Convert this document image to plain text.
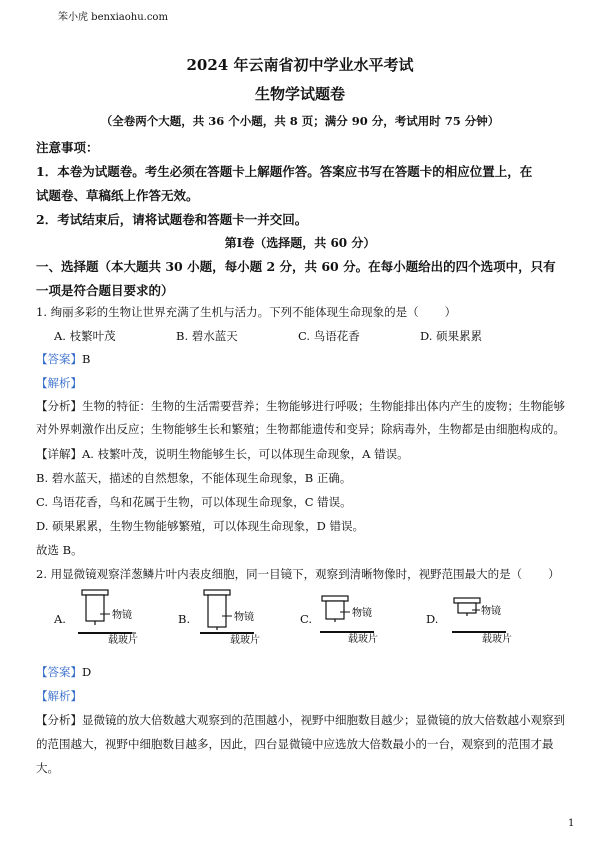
笨小虎 benxiaohu.com
2024 年云南省初中学业水平考试
生物学试题卷
（全卷两个大题，共 36 个小题，共 8 页；满分 90 分，考试用时 75 分钟）
注意事项：
1．本卷为试题卷。考生必须在答题卡上解题作答。答案应书写在答题卡的相应位置上，在
试题卷、草稿纸上作答无效。
2．考试结束后，请将试题卷和答题卡一并交回。
第Ⅰ卷（选择题，共 60 分）
一、选择题（本大题共 30 小题，每小题 2 分，共 60 分。在每小题给出的四个选项中，只有
一项是符合题目要求的）
1. 绚丽多彩的生物让世界充满了生机与活力。下列不能体现生命现象的是（ ）
A. 枝繁叶茂	B. 碧水蓝天	C. 鸟语花香	D. 硕果累累
【答案】B
【解析】
【分析】生物的特征：生物的生活需要营养；生物能够进行呼吸；生物能排出体内产生的废物；生物能够
对外界刺激作出反应；生物能够生长和繁殖；生物都能遗传和变异；除病毒外，生物都是由细胞构成的。
【详解】A. 枝繁叶茂，说明生物能够生长，可以体现生命现象，A 错误。
B. 碧水蓝天，描述的自然想象，不能体现生命现象，B 正确。
C. 鸟语花香，鸟和花属于生物，可以体现生命现象，C 错误。
D. 硕果累累，生物生物能够繁殖，可以体现生命现象，D 错误。
故选 B。
2. 用显微镜观察洋葱鳞片叶内表皮细胞，同一目镜下，观察到清晰物像时，视野范围最大的是（ ）
A.	物镜
载玻片
B.	物镜
载玻片
C.	物镜
载玻片
D.
物镜
载玻片
【答案】D
【解析】
【分析】显微镜的放大倍数越大观察到的范围越小，视野中细胞数目越少；显微镜的放大倍数越小观察到
的范围越大，视野中细胞数目越多，因此，四台显微镜中应选放大倍数最小的一台，观察到的范围才最
大。
1
